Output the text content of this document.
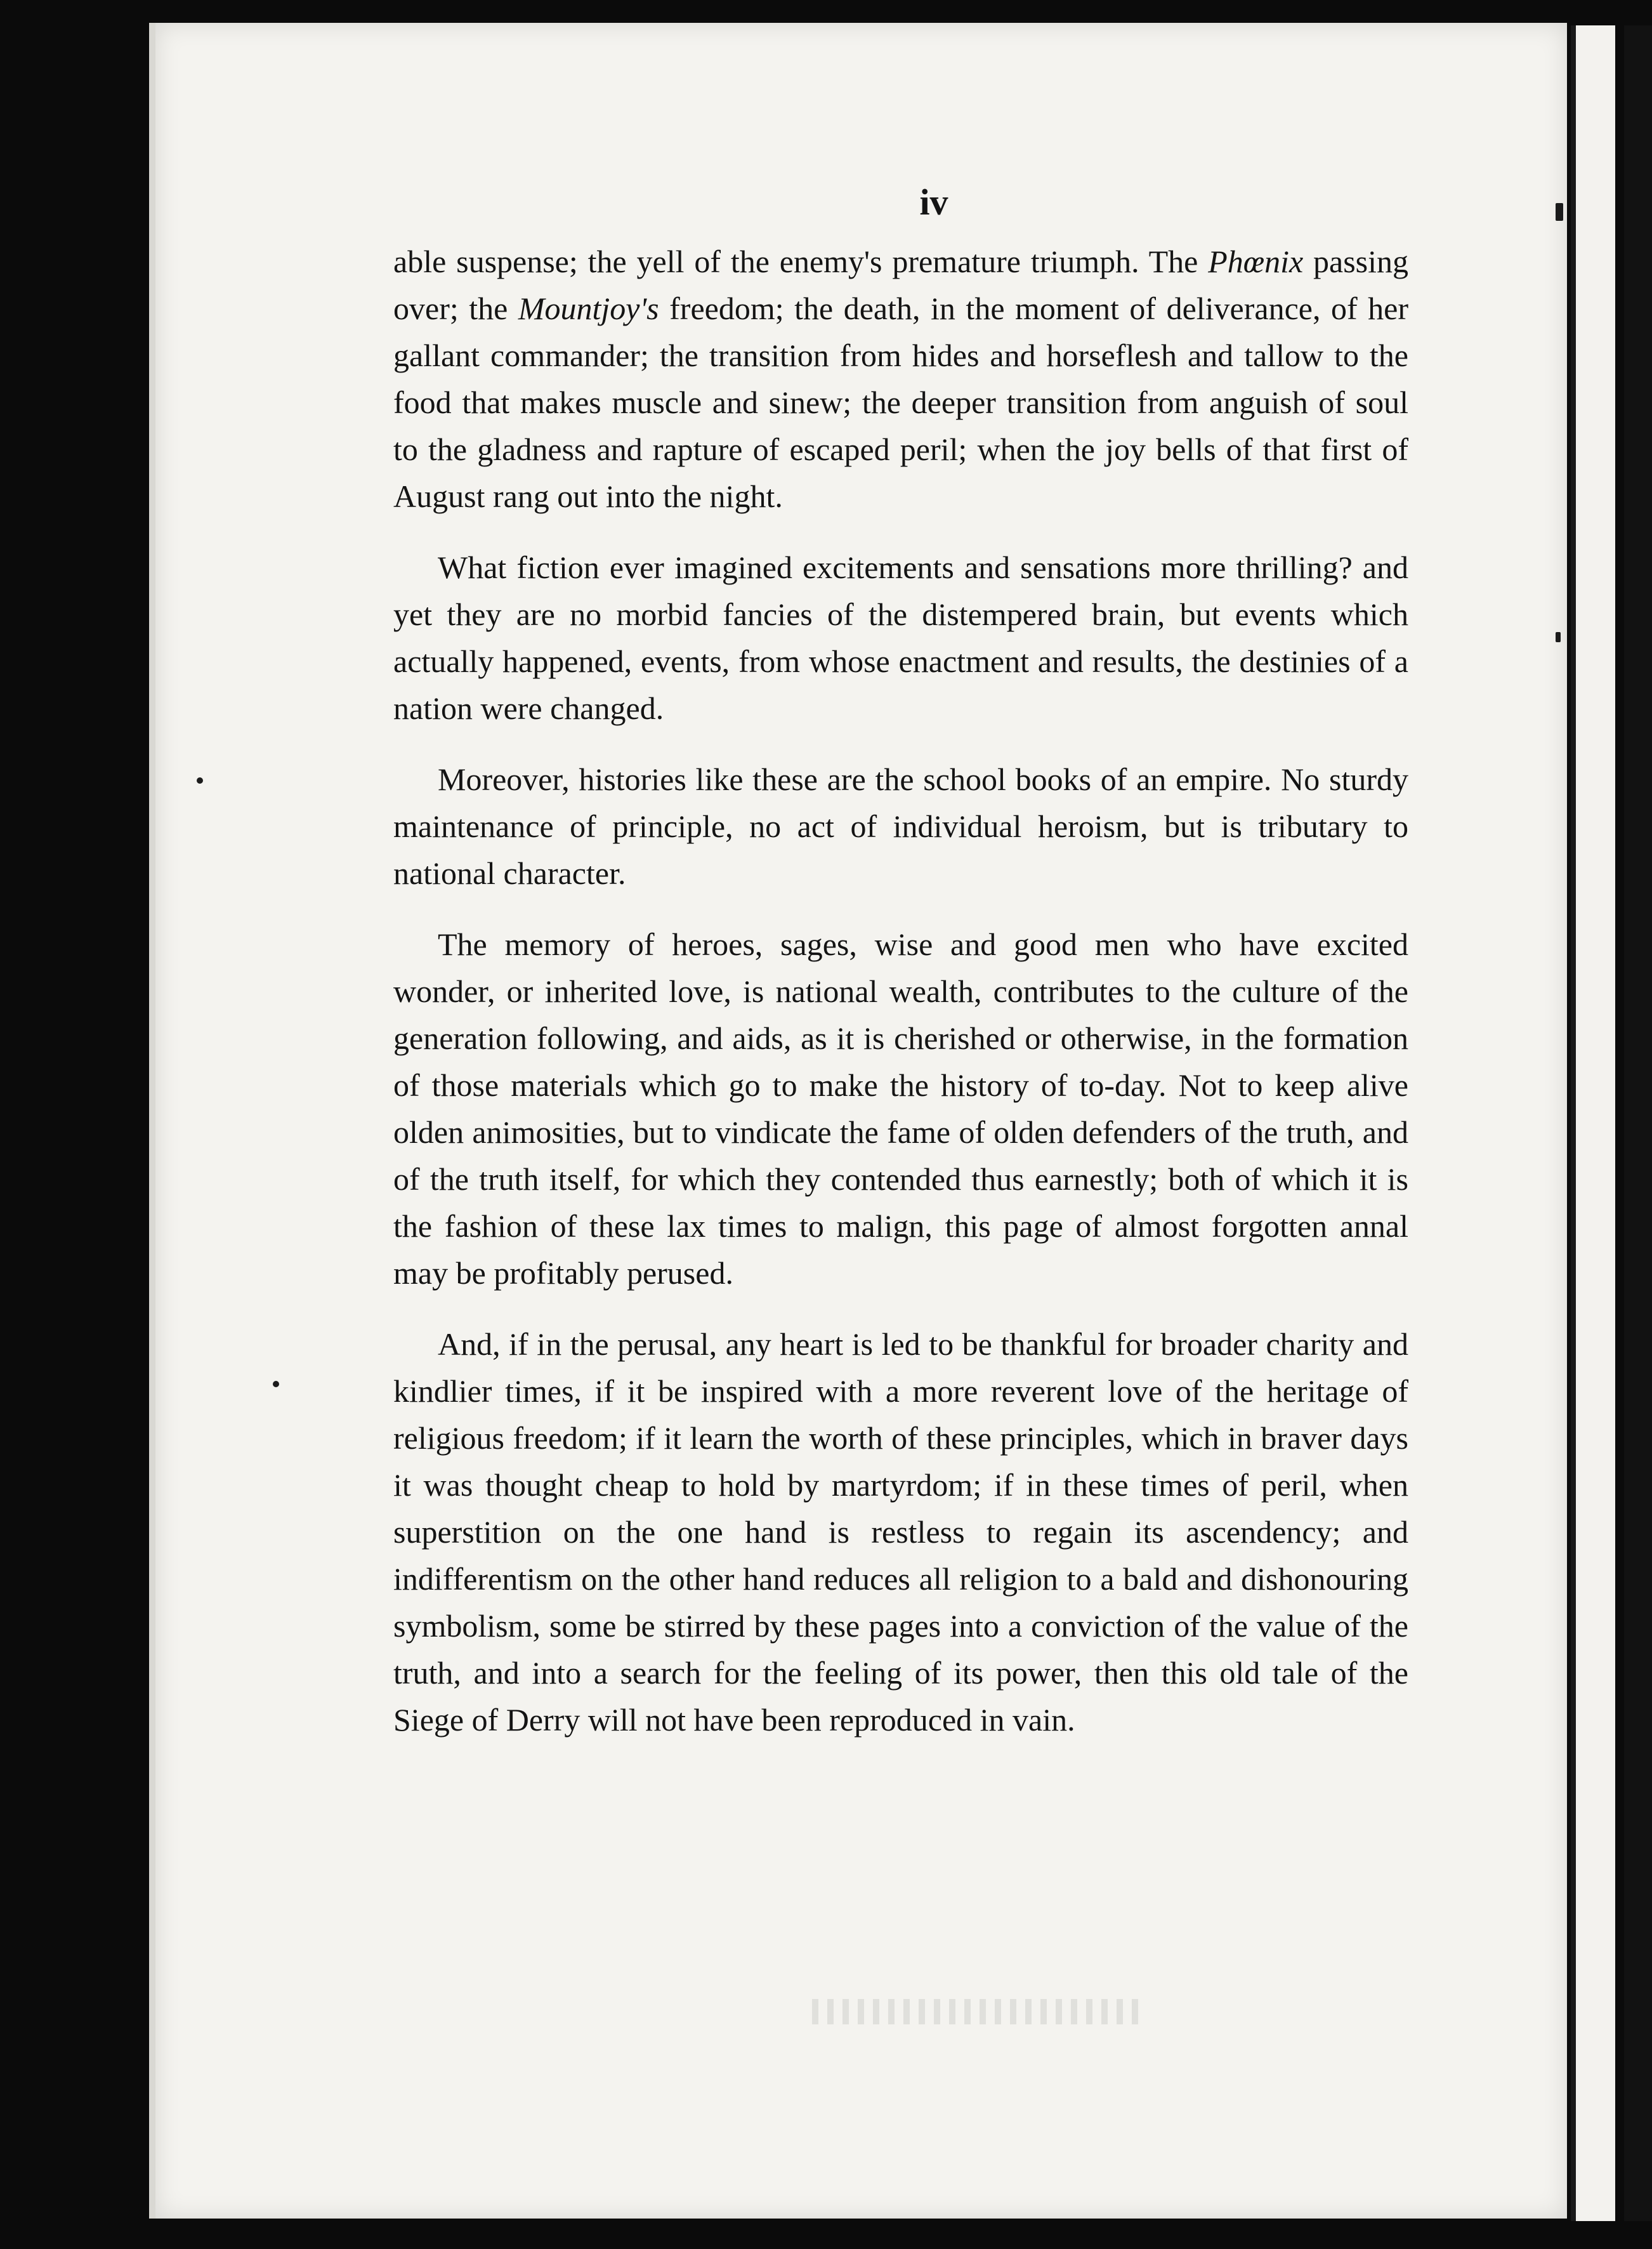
iv

able suspense; the yell of the enemy's premature triumph. The Phœnix passing over; the Mountjoy's freedom; the death, in the moment of deliverance, of her gallant commander; the transition from hides and horseflesh and tallow to the food that makes muscle and sinew; the deeper transition from anguish of soul to the gladness and rapture of escaped peril; when the joy bells of that first of August rang out into the night.

What fiction ever imagined excitements and sensations more thrilling? and yet they are no morbid fancies of the distempered brain, but events which actually happened, events, from whose enactment and results, the destinies of a nation were changed.

Moreover, histories like these are the school books of an empire. No sturdy maintenance of principle, no act of individual heroism, but is tributary to national character.

The memory of heroes, sages, wise and good men who have excited wonder, or inherited love, is national wealth, contributes to the culture of the generation following, and aids, as it is cherished or otherwise, in the formation of those materials which go to make the history of to-day. Not to keep alive olden animosities, but to vindicate the fame of olden defenders of the truth, and of the truth itself, for which they contended thus earnestly; both of which it is the fashion of these lax times to malign, this page of almost forgotten annal may be profitably perused.

And, if in the perusal, any heart is led to be thankful for broader charity and kindlier times, if it be inspired with a more reverent love of the heritage of religious freedom; if it learn the worth of these principles, which in braver days it was thought cheap to hold by martyrdom; if in these times of peril, when superstition on the one hand is restless to regain its ascendency; and indifferentism on the other hand reduces all religion to a bald and dishonouring symbolism, some be stirred by these pages into a conviction of the value of the truth, and into a search for the feeling of its power, then this old tale of the Siege of Derry will not have been reproduced in vain.
